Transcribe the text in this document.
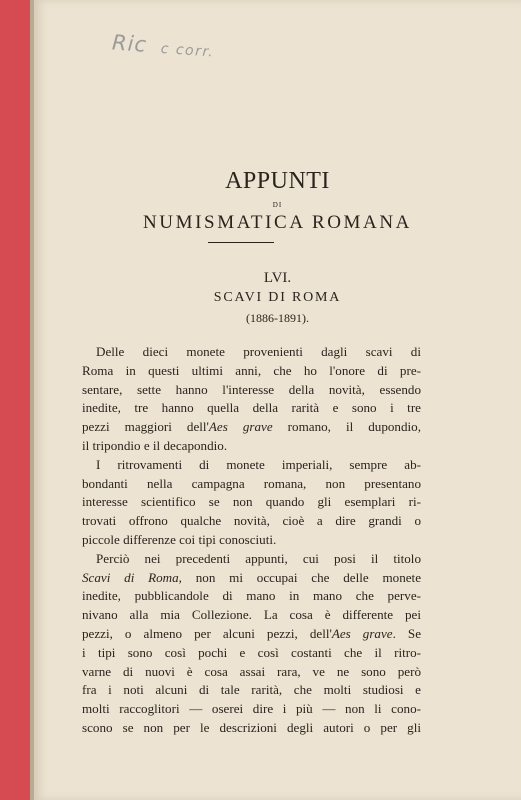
Ric c corr.
APPUNTI
DI
NUMISMATICA ROMANA
LVI.
SCAVI DI ROMA
(1886-1891).
Delle dieci monete provenienti dagli scavi di
Roma in questi ultimi anni, che ho l'onore di pre-
sentare, sette hanno l'interesse della novità, essendo
inedite, tre hanno quella della rarità e sono i tre
pezzi maggiori dell'Aes grave romano, il dupondio,
il tripondio e il decapondio.
I ritrovamenti di monete imperiali, sempre ab-
bondanti nella campagna romana, non presentano
interesse scientifico se non quando gli esemplari ri-
trovati offrono qualche novità, cioè a dire grandi o
piccole differenze coi tipi conosciuti.
Perciò nei precedenti appunti, cui posi il titolo
Scavi di Roma, non mi occupai che delle monete
inedite, pubblicandole di mano in mano che perve-
nivano alla mia Collezione. La cosa è differente pei
pezzi, o almeno per alcuni pezzi, dell'Aes grave. Se
i tipi sono così pochi e così costanti che il ritro-
varne di nuovi è cosa assai rara, ve ne sono però
fra i noti alcuni di tale rarità, che molti studiosi e
molti raccoglitori — oserei dire i più — non li cono-
scono se non per le descrizioni degli autori o per gli
